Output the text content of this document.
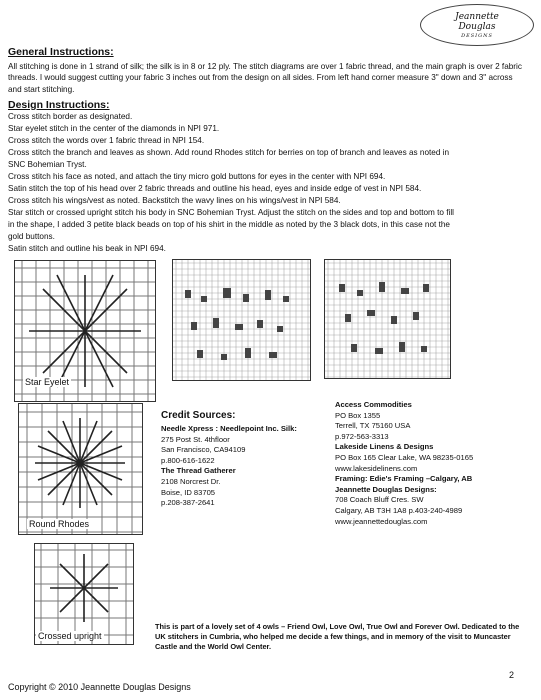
Jeannette
Douglas
DESIGNS
General Instructions:
All stitching is done in 1 strand of silk; the silk is in 8 or 12 ply. The stitch diagrams are over 1 fabric thread, and the main graph is over 2 fabric threads. I would suggest cutting your fabric 3 inches out from the design on all sides. From left hand corner measure 3" down and 3" across and start stitching.
Design Instructions:
Cross stitch border as designated.
Star eyelet stitch in the center of the diamonds in NPI 971.
Cross stitch the words over 1 fabric thread in NPI 154.
Cross stitch the branch and leaves as shown. Add round Rhodes stitch for berries on top of branch and leaves as noted in
SNC Bohemian Tryst.
Cross stitch his face as noted, and attach the tiny micro gold buttons for eyes in the center with NPI 694.
Satin stitch the top of his head over 2 fabric threads and outline his head, eyes and inside edge of vest in NPI 584.
Cross stitch his wings/vest as noted. Backstitch the wavy lines on his wings/vest in NPI 584.
Star stitch or crossed upright stitch his body in SNC Bohemian Tryst. Adjust the stitch on the sides and top and bottom to fill
in the shape, I added 3 petite black beads on top of his shirt in the middle as noted by the 3 black dots, in this case not the
gold buttons.
Satin stitch and outline his beak in NPI 694.
Star Eyelet
Round Rhodes
Crossed upright
Credit Sources:
Needle Xpress : Needlepoint Inc. Silk:
275 Post St. 4thfloor
San Francisco, CA94109
p.800-616-1622
The Thread Gatherer
2108 Norcrest Dr.
Boise, ID 83705
p.208-387-2641
Access Commodities
PO Box 1355
Terrell, TX 75160 USA
p.972-563-3313
Lakeside Linens & Designs
PO Box 165 Clear Lake, WA 98235-0165
www.lakesidelinens.com
Framing: Edie's Framing –Calgary, AB
Jeannette Douglas Designs:
708 Coach Bluff Cres. SW
Calgary, AB T3H 1A8 p.403-240-4989
www.jeannettedouglas.com
This is part of a lovely set of 4 owls – Friend Owl, Love Owl, True Owl and Forever Owl. Dedicated to the UK stitchers in Cumbria, who helped me decide a few things, and in memory of the visit to Muncaster Castle and the World Owl Center.
Copyright © 2010 Jeannette Douglas Designs
2
